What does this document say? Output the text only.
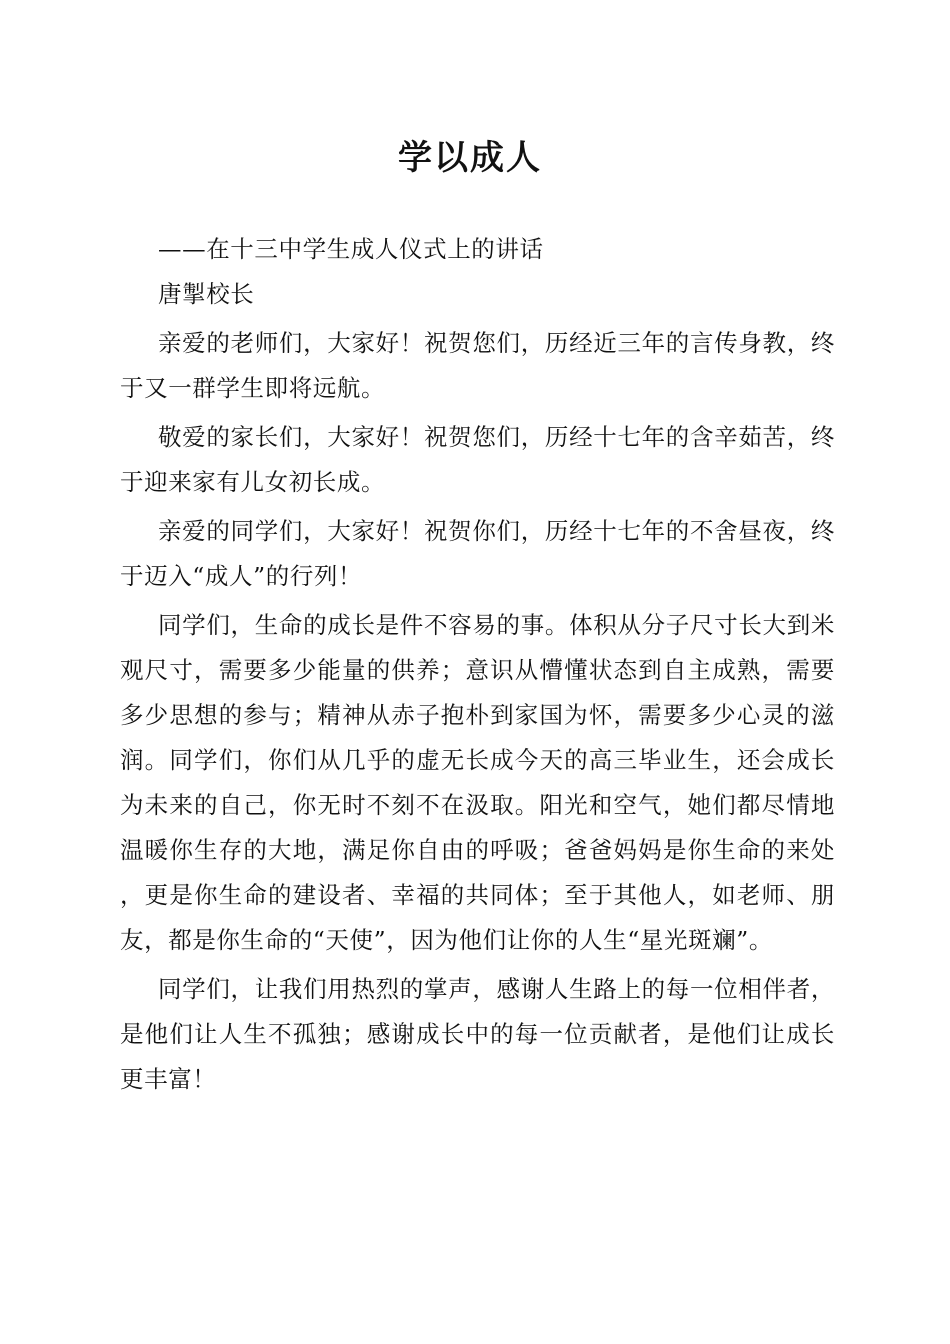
学以成人

——在十三中学生成人仪式上的讲话

唐掣校长

亲爱的老师们，大家好！祝贺您们，历经近三年的言传身教，终于又一群学生即将远航。

敬爱的家长们，大家好！祝贺您们，历经十七年的含辛茹苦，终于迎来家有儿女初长成。

亲爱的同学们，大家好！祝贺你们，历经十七年的不舍昼夜，终于迈入“成人”的行列！

同学们，生命的成长是件不容易的事。体积从分子尺寸长大到米观尺寸，需要多少能量的供养；意识从懵懂状态到自主成熟，需要多少思想的参与；精神从赤子抱朴到家国为怀，需要多少心灵的滋润。同学们，你们从几乎的虚无长成今天的高三毕业生，还会成长为未来的自己，你无时不刻不在汲取。阳光和空气，她们都尽情地温暖你生存的大地，满足你自由的呼吸；爸爸妈妈是你生命的来处，更是你生命的建设者、幸福的共同体；至于其他人，如老师、朋友，都是你生命的“天使”，因为他们让你的人生“星光斑斓”。

同学们，让我们用热烈的掌声，感谢人生路上的每一位相伴者，是他们让人生不孤独；感谢成长中的每一位贡献者，是他们让成长更丰富！
